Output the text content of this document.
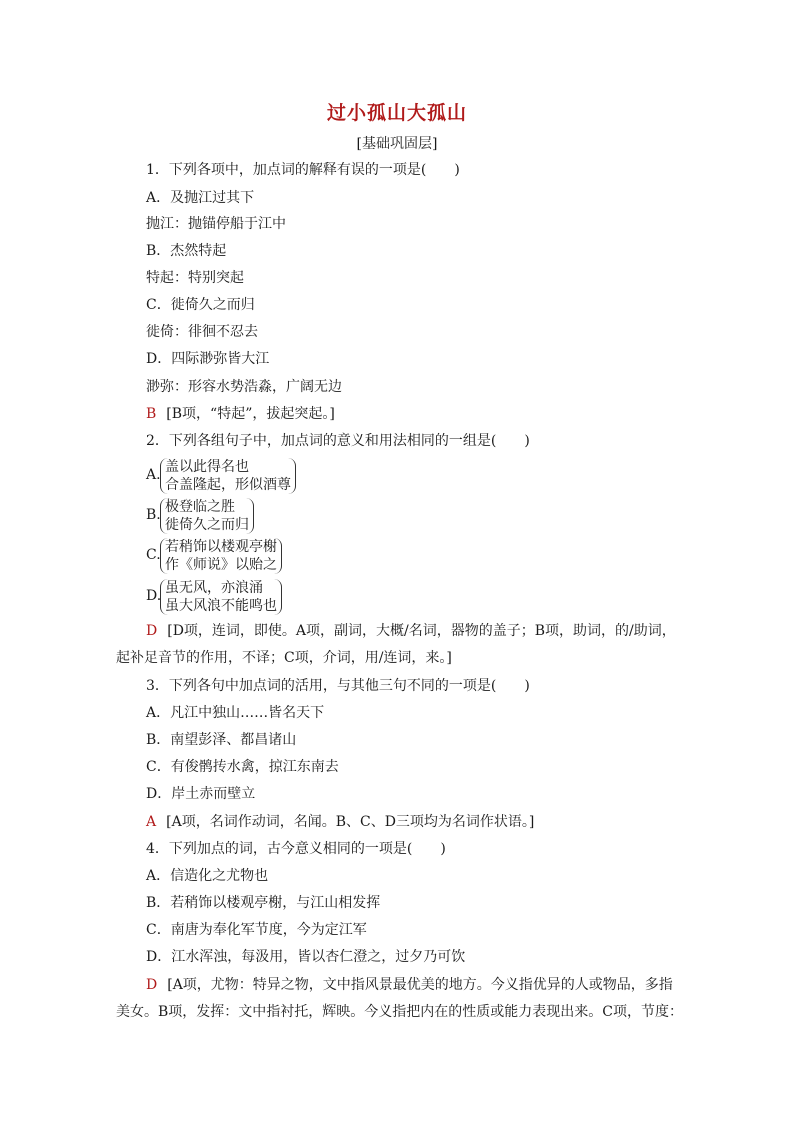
过小孤山大孤山
[基础巩固层]
1．下列各项中，加点词的解释有误的一项是(　　)
A．及抛江过其下
抛江：抛锚停船于江中
B．杰然特起
特起：特别突起
C．徙倚久之而归
徙倚：徘徊不忍去
D．四际渺弥皆大江
渺弥：形容水势浩淼，广阔无边
B [B项，“特起”，拔起突起。]
2．下列各组句子中，加点词的意义和用法相同的一组是(　　)
A. 盖以此得名也
合盖隆起，形似酒尊
B. 极登临之胜
徙倚久之而归
C. 若稍饰以楼观亭榭
作《师说》以贻之
D. 虽无风，亦浪涌
虽大风浪不能鸣也
D [D项，连词，即使。A项，副词，大概/名词，器物的盖子；B项，助词，的/助词，
起补足音节的作用，不译；C项，介词，用/连词，来。]
3．下列各句中加点词的活用，与其他三句不同的一项是(　　)
A．凡江中独山……皆名天下
B．南望彭泽、都昌诸山
C．有俊鹘抟水禽，掠江东南去
D．岸土赤而壁立
A [A项，名词作动词，名闻。B、C、D三项均为名词作状语。]
4．下列加点的词，古今意义相同的一项是(　　)
A．信造化之尤物也
B．若稍饰以楼观亭榭，与江山相发挥
C．南唐为奉化军节度，今为定江军
D．江水浑浊，每汲用，皆以杏仁澄之，过夕乃可饮
D [A项，尤物：特异之物，文中指风景最优美的地方。今义指优异的人或物品，多指
美女。B项，发挥：文中指衬托，辉映。今义指把内在的性质或能力表现出来。C项，节度：
